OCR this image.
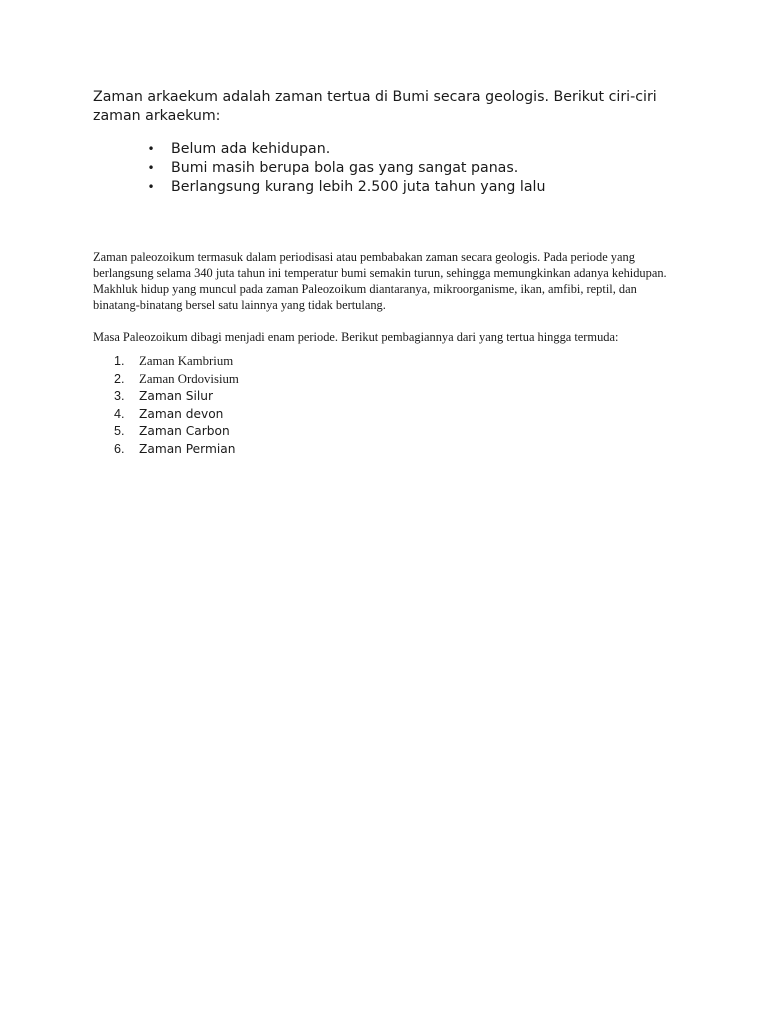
Zaman arkaekum adalah zaman tertua di Bumi secara geologis. Berikut ciri-ciri zaman arkaekum:

• Belum ada kehidupan.
• Bumi masih berupa bola gas yang sangat panas.
• Berlangsung kurang lebih 2.500 juta tahun yang lalu

Zaman paleozoikum termasuk dalam periodisasi atau pembabakan zaman secara geologis. Pada periode yang berlangsung selama 340 juta tahun ini temperatur bumi semakin turun, sehingga memungkinkan adanya kehidupan. Makhluk hidup yang muncul pada zaman Paleozoikum diantaranya, mikroorganisme, ikan, amfibi, reptil, dan binatang-binatang bersel satu lainnya yang tidak bertulang.

Masa Paleozoikum dibagi menjadi enam periode. Berikut pembagiannya dari yang tertua hingga termuda:

1. Zaman Kambrium
2. Zaman Ordovisium
3. Zaman Silur
4. Zaman devon
5. Zaman Carbon
6. Zaman Permian
